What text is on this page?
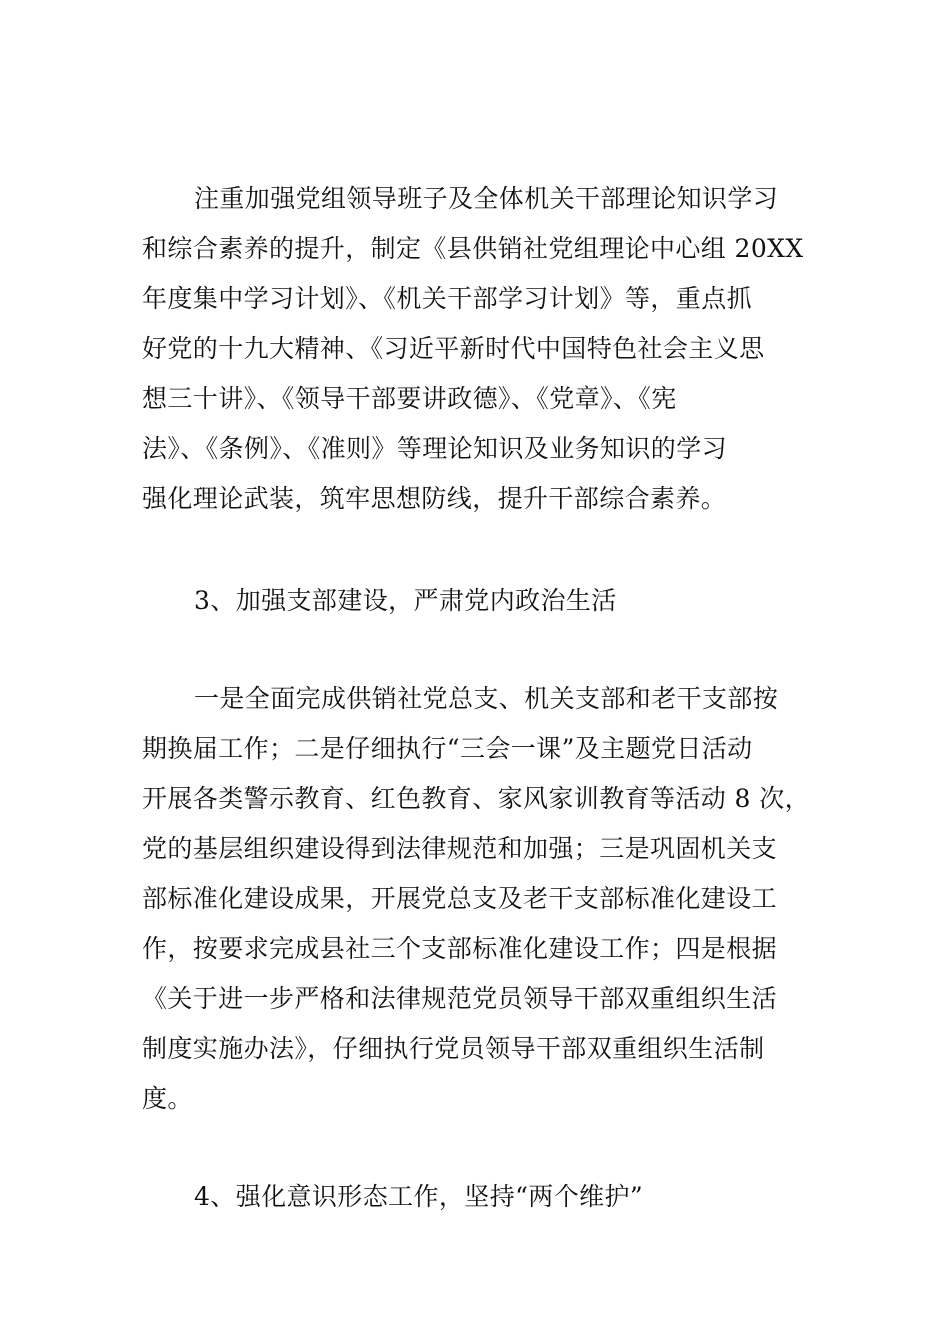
注重加强党组领导班子及全体机关干部理论知识学习
和综合素养的提升，制定《县供销社党组理论中心组 20XX
年度集中学习计划》、《机关干部学习计划》等，重点抓
好党的十九大精神、《习近平新时代中国特色社会主义思
想三十讲》、《领导干部要讲政德》、《党章》、《宪
法》、《条例》、《准则》等理论知识及业务知识的学习
强化理论武装，筑牢思想防线，提升干部综合素养。
3、加强支部建设，严肃党内政治生活
一是全面完成供销社党总支、机关支部和老干支部按
期换届工作；二是仔细执行“三会一课”及主题党日活动
开展各类警示教育、红色教育、家风家训教育等活动 8 次，
党的基层组织建设得到法律规范和加强；三是巩固机关支
部标准化建设成果，开展党总支及老干支部标准化建设工
作，按要求完成县社三个支部标准化建设工作；四是根据
《关于进一步严格和法律规范党员领导干部双重组织生活
制度实施办法》，仔细执行党员领导干部双重组织生活制
度。
4、强化意识形态工作，坚持“两个维护”
